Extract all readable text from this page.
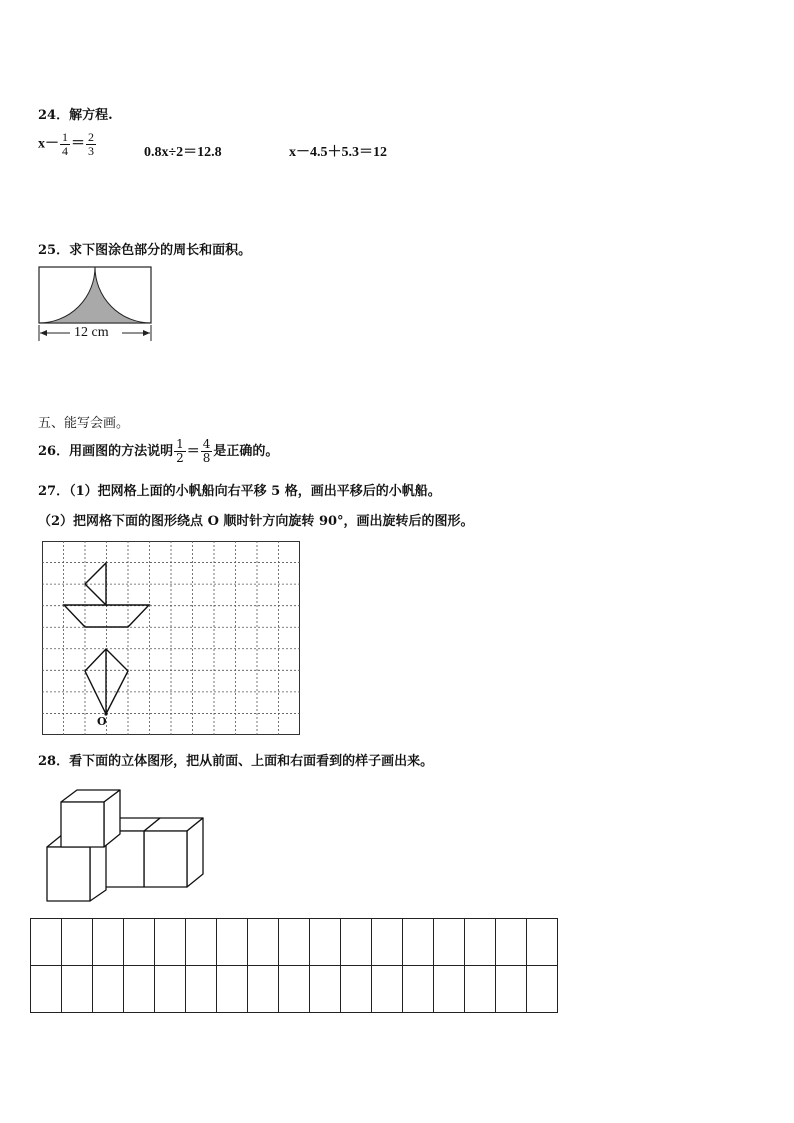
24．解方程.
$x- \frac{1}{4} = \frac{2}{3}$	0.8x÷2＝12.8	x－4.5＋5.3＝12
25．求下图涂色部分的周长和面积。
12 cm
五、能写会画。
26．用画图的方法说明 $\frac{1}{2} = \frac{4}{8}$ 是正确的。
27．（1）把网格上面的小帆船向右平移 5 格，画出平移后的小帆船。
（2）把网格下面的图形绕点 O 顺时针方向旋转 90°，画出旋转后的图形。
O
28．看下面的立体图形，把从前面、上面和右面看到的样子画出来。
